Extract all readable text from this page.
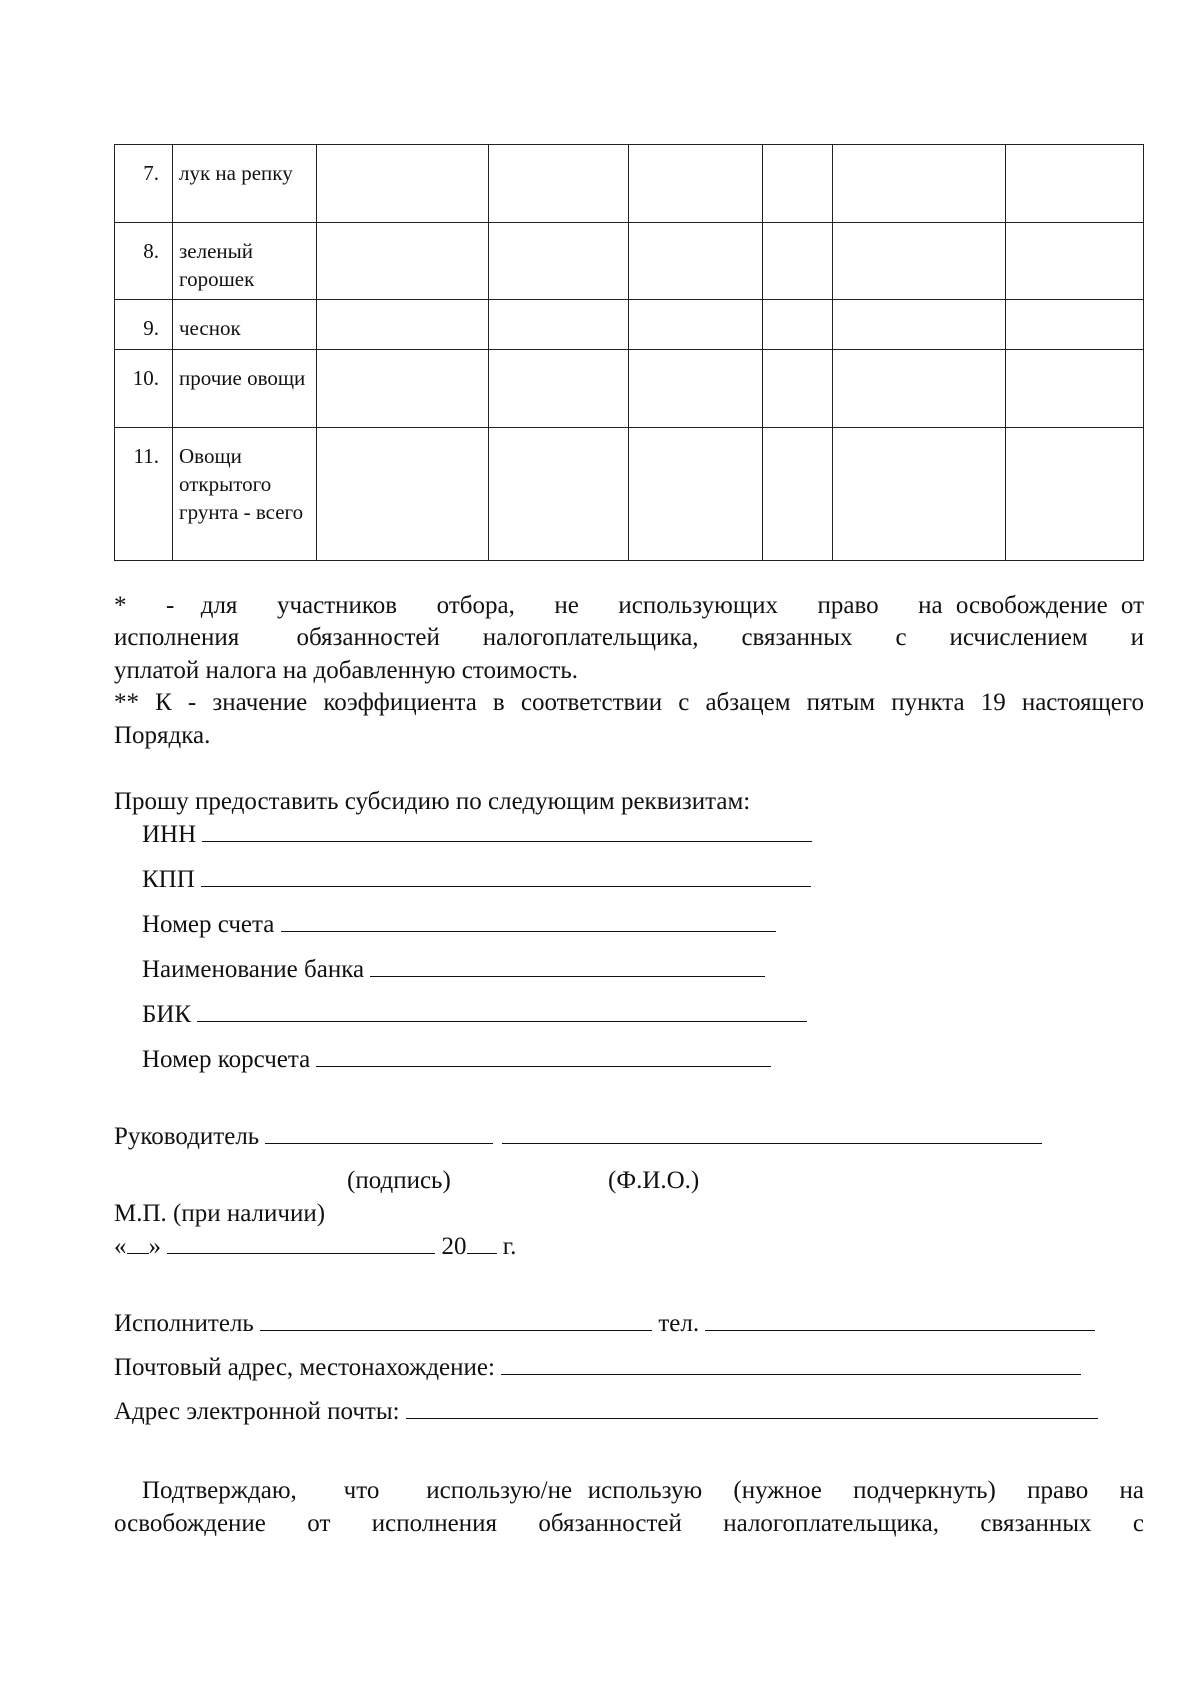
7.	лук на репку						
8.	зеленый горошек						
9.	чеснок						
10.	прочие овощи						
11.	Овощи открытого грунта - всего						
*   -  для   участников   отбора,   не   использующих   право   на освобождение от
исполнения    обязанностей   налогоплательщика,   связанных   с   исчислением   и
уплатой налога на добавленную стоимость.
** К - значение коэффициента в соответствии с абзацем пятым пункта 19 настоящего
Порядка.
Прошу предоставить субсидию по следующим реквизитам:
ИНН
КПП
Номер счета
Наименование банка
БИК
Номер корсчета
Руководитель
(подпись)	(Ф.И.О.)
М.П. (при наличии)
« »	20 г.
Исполнитель	тел.
Почтовый адрес, местонахождение:
Адрес электронной почты:
Подтверждаю,   что   использую/не использую  (нужное  подчеркнуть)  право  на
освобождение   от   исполнения   обязанностей   налогоплательщика,   связанных   с
